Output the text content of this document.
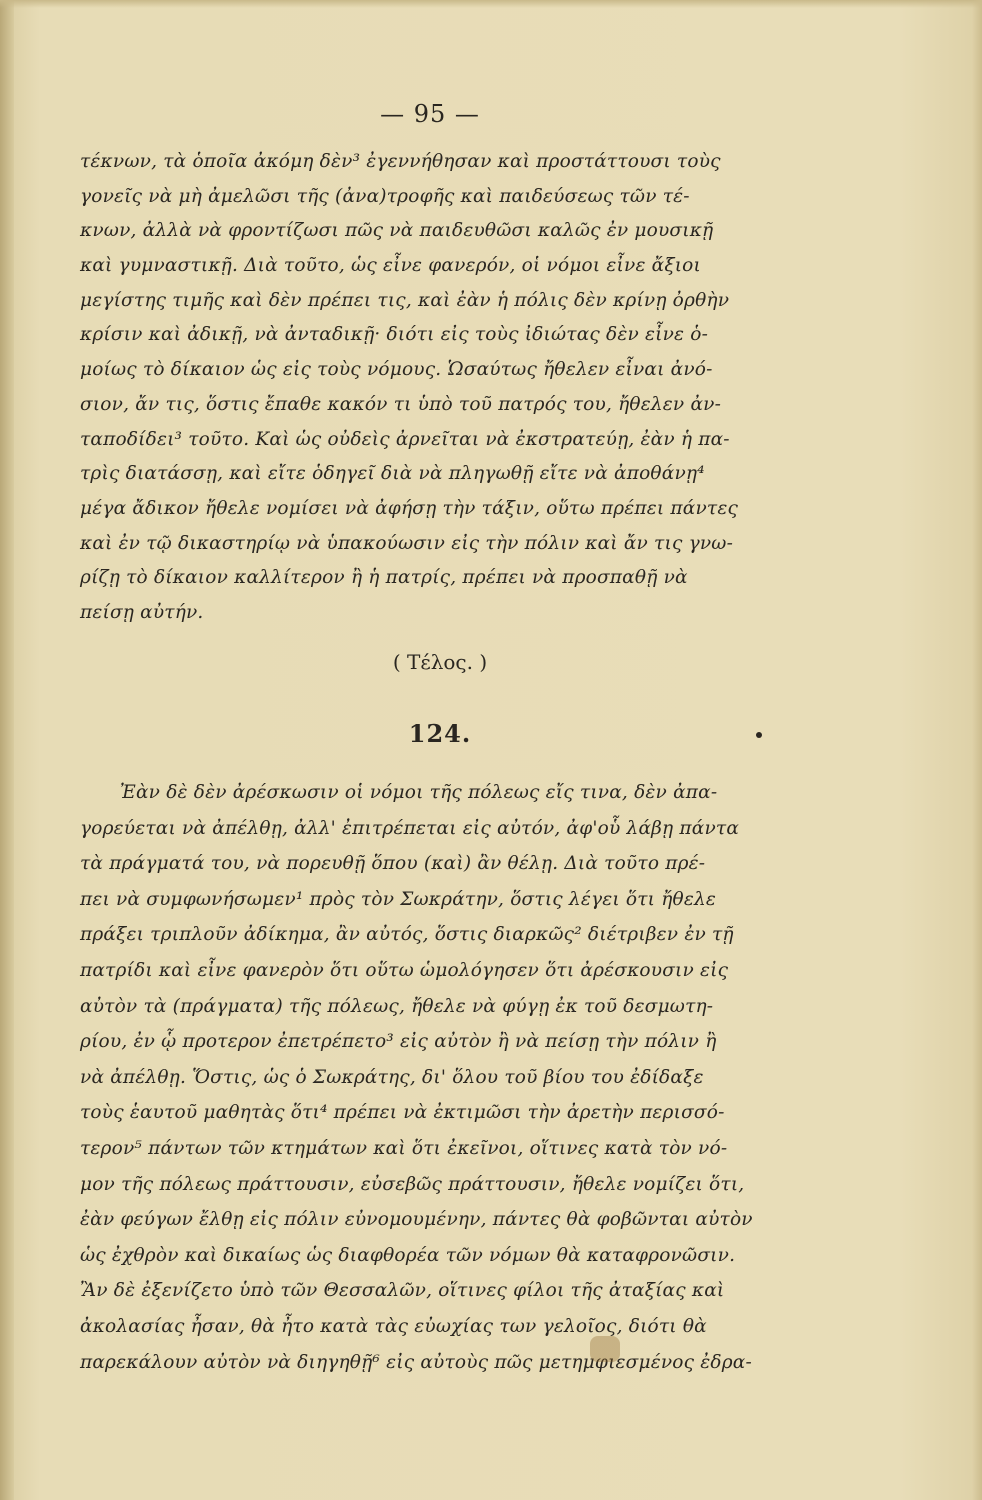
— 95 —
τέκνων, τὰ ὁποῖα ἀκόμη δὲν³ ἐγεννήθησαν καὶ προστάττουσι τοὺς
γονεῖς νὰ μὴ ἀμελῶσι τῆς (ἀνα)τροφῆς καὶ παιδεύσεως τῶν τέ-
κνων, ἀλλὰ νὰ φροντίζωσι πῶς νὰ παιδευθῶσι καλῶς ἐν μουσικῇ
καὶ γυμναστικῇ. Διὰ τοῦτο, ὡς εἶνε φανερόν, οἱ νόμοι εἶνε ἄξιοι
μεγίστης τιμῆς καὶ δὲν πρέπει τις, καὶ ἐὰν ἡ πόλις δὲν κρίνῃ ὀρθὴν
κρίσιν καὶ ἀδικῇ, νὰ ἀνταδικῇ· διότι εἰς τοὺς ἰδιώτας δὲν εἶνε ὁ-
μοίως τὸ δίκαιον ὡς εἰς τοὺς νόμους. Ὡσαύτως ἤθελεν εἶναι ἀνό-
σιον, ἄν τις, ὅστις ἔπαθε κακόν τι ὑπὸ τοῦ πατρός του, ἤθελεν ἀν-
ταποδίδει³ τοῦτο. Καὶ ὡς οὐδεὶς ἀρνεῖται νὰ ἐκστρατεύῃ, ἐὰν ἡ πα-
τρὶς διατάσσῃ, καὶ εἴτε ὁδηγεῖ διὰ νὰ πληγωθῇ εἴτε νὰ ἀποθάνῃ⁴
μέγα ἄδικον ἤθελε νομίσει νὰ ἀφήσῃ τὴν τάξιν, οὕτω πρέπει πάντες
καὶ ἐν τῷ δικαστηρίῳ νὰ ὑπακούωσιν εἰς τὴν πόλιν καὶ ἄν τις γνω-
ρίζῃ τὸ δίκαιον καλλίτερον ἢ ἡ πατρίς, πρέπει νὰ προσπαθῇ νὰ
πείσῃ αὐτήν.
( Τέλος. )
124.
Ἐὰν δὲ δὲν ἀρέσκωσιν οἱ νόμοι τῆς πόλεως εἴς τινα, δὲν ἀπα-
γορεύεται νὰ ἀπέλθῃ, ἀλλ' ἐπιτρέπεται εἰς αὐτόν, ἀφ'οὗ λάβῃ πάντα
τὰ πράγματά του, νὰ πορευθῇ ὅπου (καὶ) ἂν θέλῃ. Διὰ τοῦτο πρέ-
πει νὰ συμφωνήσωμεν¹ πρὸς τὸν Σωκράτην, ὅστις λέγει ὅτι ἤθελε
πράξει τριπλοῦν ἀδίκημα, ἂν αὐτός, ὅστις διαρκῶς² διέτριβεν ἐν τῇ
πατρίδι καὶ εἶνε φανερὸν ὅτι οὕτω ὡμολόγησεν ὅτι ἀρέσκουσιν εἰς
αὐτὸν τὰ (πράγματα) τῆς πόλεως, ἤθελε νὰ φύγῃ ἐκ τοῦ δεσμωτη-
ρίου, ἐν ᾧ προτερον ἐπετρέπετο³ εἰς αὐτὸν ἢ νὰ πείσῃ τὴν πόλιν ἢ
νὰ ἀπέλθῃ. Ὅστις, ὡς ὁ Σωκράτης, δι' ὅλου τοῦ βίου του ἐδίδαξε
τοὺς ἑαυτοῦ μαθητὰς ὅτι⁴ πρέπει νὰ ἐκτιμῶσι τὴν ἀρετὴν περισσό-
τερον⁵ πάντων τῶν κτημάτων καὶ ὅτι ἐκεῖνοι, οἵτινες κατὰ τὸν νό-
μον τῆς πόλεως πράττουσιν, εὐσεβῶς πράττουσιν, ἤθελε νομίζει ὅτι,
ἐὰν φεύγων ἔλθῃ εἰς πόλιν εὐνομουμένην, πάντες θὰ φοβῶνται αὐτὸν
ὡς ἐχθρὸν καὶ δικαίως ὡς διαφθορέα τῶν νόμων θὰ καταφρονῶσιν.
Ἂν δὲ ἐξενίζετο ὑπὸ τῶν Θεσσαλῶν, οἵτινες φίλοι τῆς ἀταξίας καὶ
ἀκολασίας ἦσαν, θὰ ἦτο κατὰ τὰς εὐωχίας των γελοῖος, διότι θὰ
παρεκάλουν αὐτὸν νὰ διηγηθῇ⁶ εἰς αὐτοὺς πῶς μετημφιεσμένος ἐδρα-
